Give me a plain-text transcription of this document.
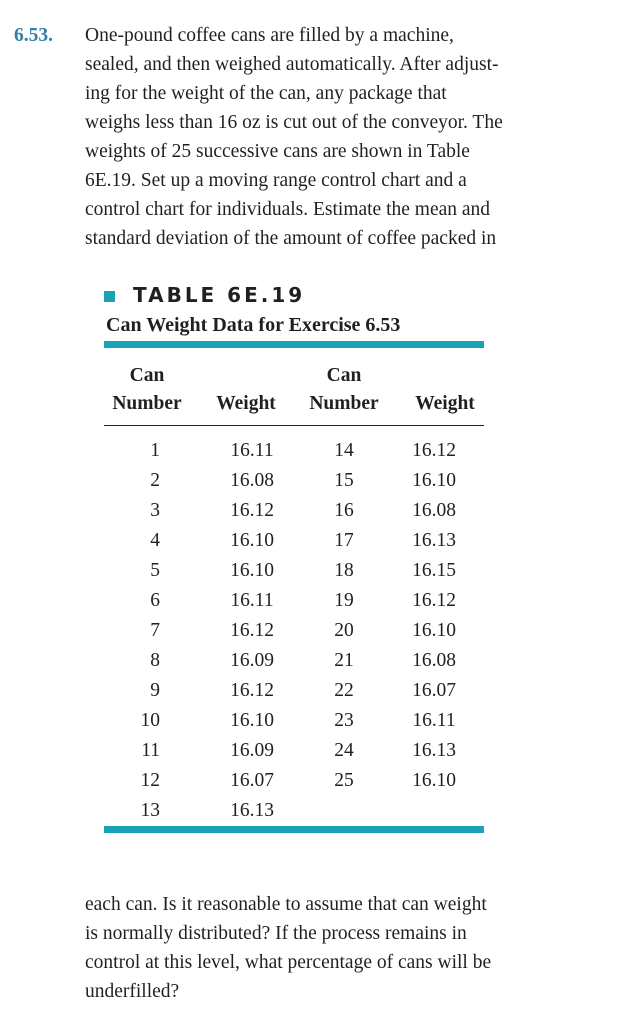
6.53. One-pound coffee cans are filled by a machine,
sealed, and then weighed automatically. After adjust-
ing for the weight of the can, any package that
weighs less than 16 oz is cut out of the conveyor. The
weights of 25 successive cans are shown in Table
6E.19. Set up a moving range control chart and a
control chart for individuals. Estimate the mean and
standard deviation of the amount of coffee packed in
TABLE 6E.19
Can Weight Data for Exercise 6.53
Can
Number	Weight
Can
Number	Weight
1	16.11	14	16.12
2	16.08	15	16.10
3	16.12	16	16.08
4	16.10	17	16.13
5	16.10	18	16.15
6	16.11	19	16.12
7	16.12	20	16.10
8	16.09	21	16.08
9	16.12	22	16.07
10	16.10	23	16.11
11	16.09	24	16.13
12	16.07	25	16.10
13	16.13
each can. Is it reasonable to assume that can weight
is normally distributed? If the process remains in
control at this level, what percentage of cans will be
underfilled?
